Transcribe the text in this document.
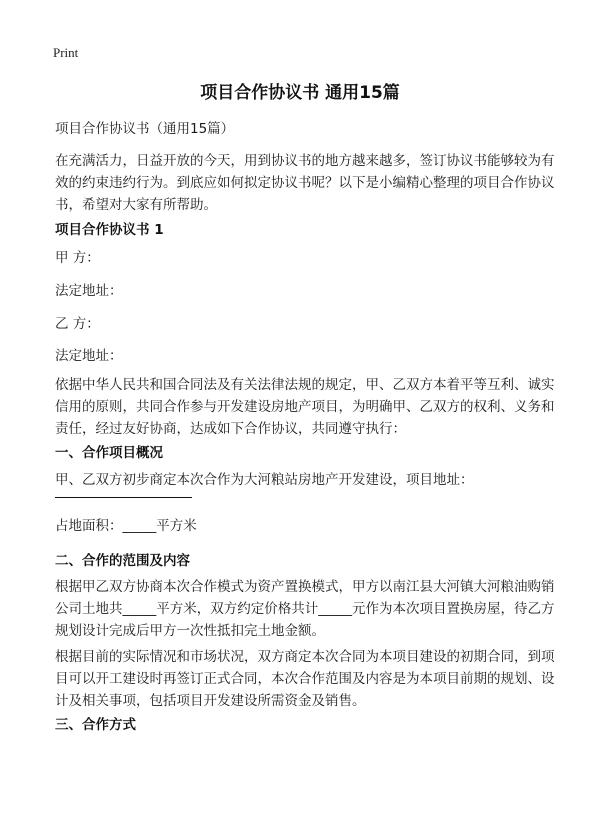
Print
项目合作协议书 通用15篇

项目合作协议书（通用15篇）

在充满活力，日益开放的今天，用到协议书的地方越来越多，签订协议书能够较为有效的约束违约行为。到底应如何拟定协议书呢？以下是小编精心整理的项目合作协议书，希望对大家有所帮助。

项目合作协议书 1

甲 方：

法定地址：

乙 方：

法定地址：

依据中华人民共和国合同法及有关法律法规的规定，甲、乙双方本着平等互利、诚实信用的原则，共同合作参与开发建设房地产项目，为明确甲、乙双方的权利、义务和责任，经过友好协商，达成如下合作协议，共同遵守执行：

一、合作项目概况

甲、乙双方初步商定本次合作为大河粮站房地产开发建设，项目地址：

占地面积：_____平方米

二、合作的范围及内容

根据甲乙双方协商本次合作模式为资产置换模式，甲方以南江县大河镇大河粮油购销公司土地共_____平方米，双方约定价格共计_____元作为本次项目置换房屋，待乙方规划设计完成后甲方一次性抵扣完土地金额。

根据目前的实际情况和市场状况，双方商定本次合同为本项目建设的初期合同，到项目可以开工建设时再签订正式合同，本次合作范围及内容是为本项目前期的规划、设计及相关事项，包括项目开发建设所需资金及销售。

三、合作方式
